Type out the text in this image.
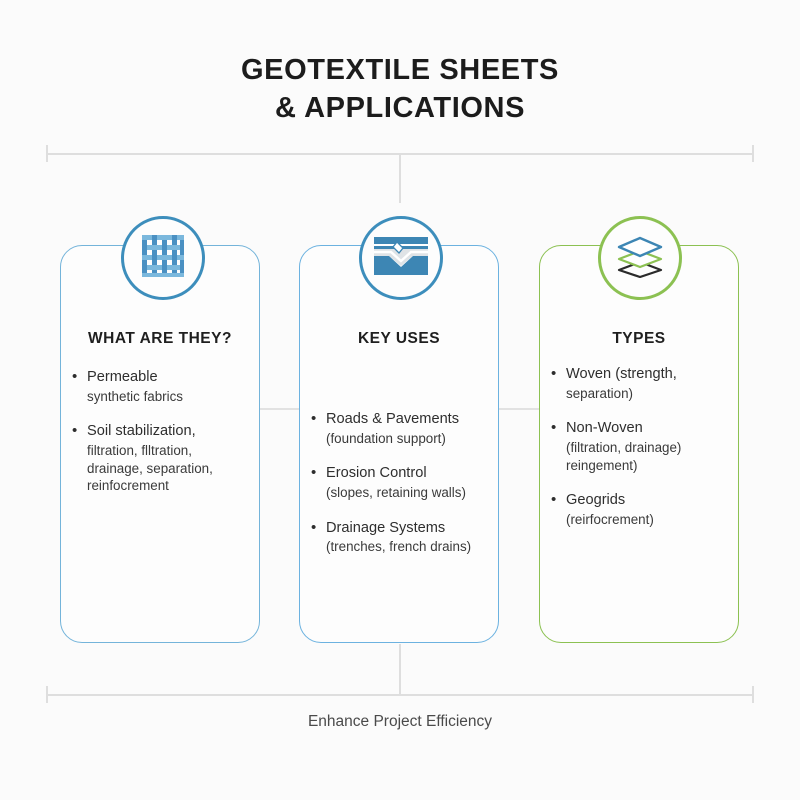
GEOTEXTILE SHEETS
& APPLICATIONS
WHAT ARE THEY?	KEY USES	TYPES
• Permeable
synthetic fabrics
• Soil stabilization,
filtration, flltration, drainage, separation, reinfocrement
• Roads & Pavements
(foundation support)
• Erosion Control
(slopes, retaining walls)
• Drainage Systems
(trenches, french drains)
• Woven (strength,
separation)
• Non-Woven
(filtration, drainage) reingement)
• Geogrids
(reirfocrement)
Enhance Project Efficiency
